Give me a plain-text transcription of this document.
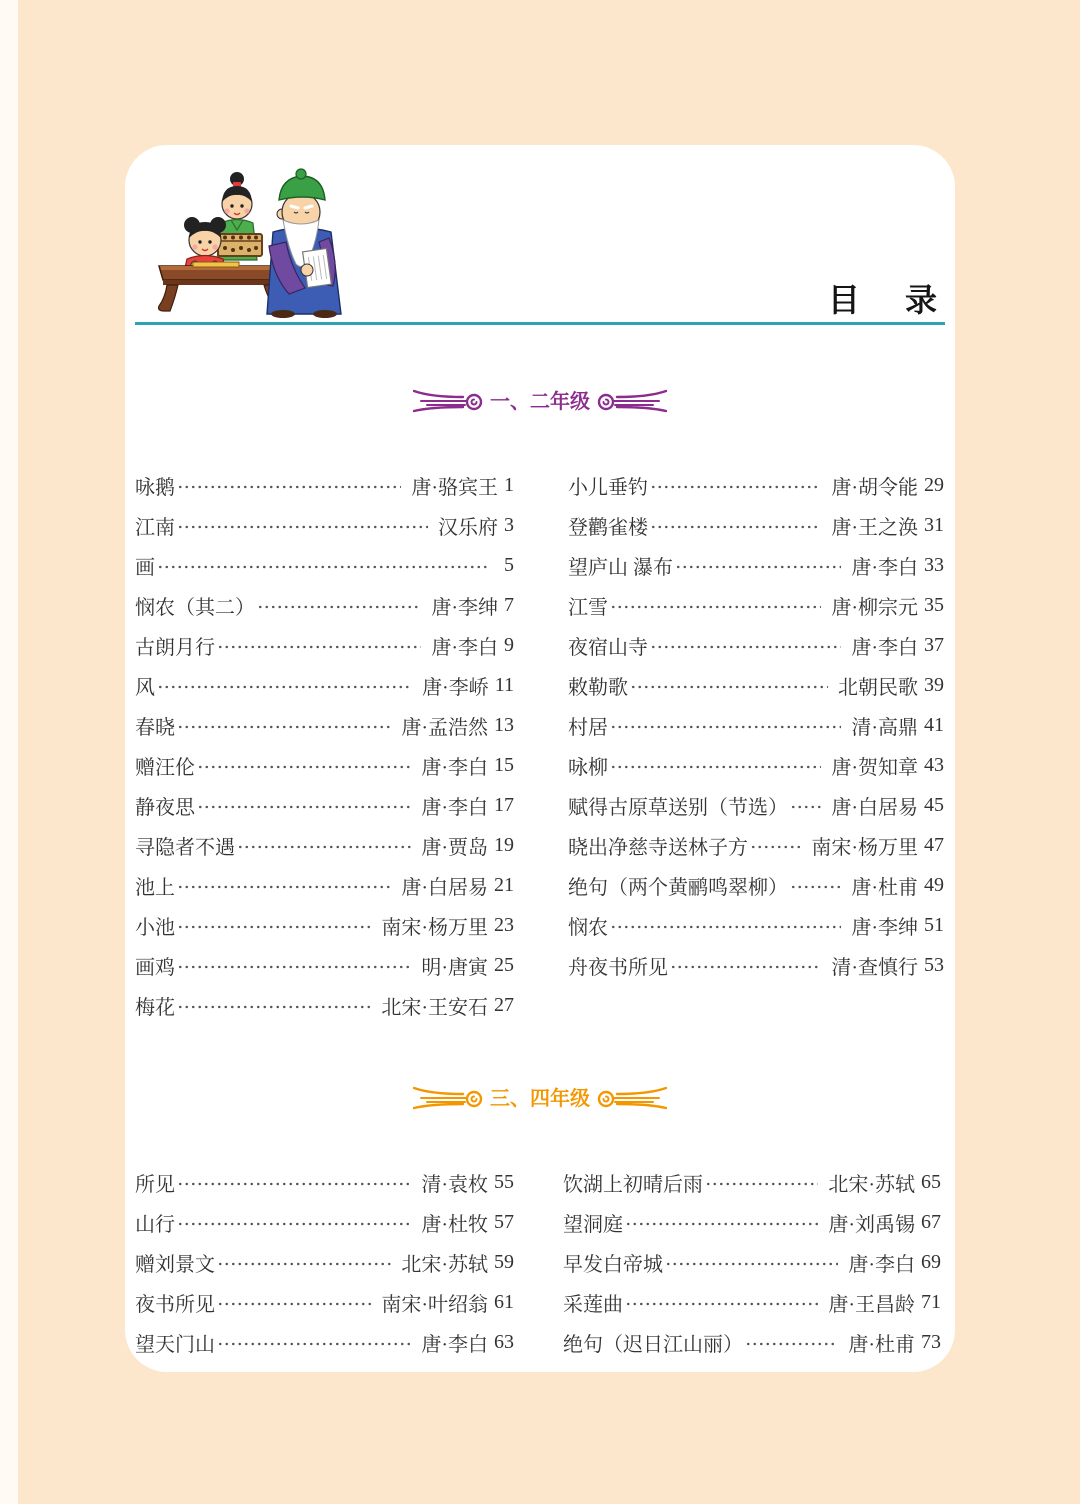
目 录
一、二年级
咏鹅	唐·骆宾王 1
江南	汉乐府 3
画	5
悯农（其二）	唐·李绅 7
古朗月行	唐·李白 9
风	唐·李峤 11
春晓	唐·孟浩然 13
赠汪伦	唐·李白 15
静夜思	唐·李白 17
寻隐者不遇	唐·贾岛 19
池上	唐·白居易 21
小池	南宋·杨万里 23
画鸡	明·唐寅 25
梅花	北宋·王安石 27
小儿垂钓	唐·胡令能 29
登鹳雀楼	唐·王之涣 31
望庐山 瀑布	唐·李白 33
江雪	唐·柳宗元 35
夜宿山寺	唐·李白 37
敕勒歌	北朝民歌 39
村居	清·高鼎 41
咏柳	唐·贺知章 43
赋得古原草送别（节选） 唐·白居易 45
晓出净慈寺送林子方	南宋·杨万里 47
绝句（两个黄鹂鸣翠柳）	唐·杜甫 49
悯农	唐·李绅 51
舟夜书所见	清·查慎行 53
三、四年级
所见	清·袁枚 55
山行	唐·杜牧 57
赠刘景文	北宋·苏轼 59
夜书所见	南宋·叶绍翁 61
望天门山	唐·李白 63
饮湖上初晴后雨	北宋·苏轼 65
望洞庭	唐·刘禹锡 67
早发白帝城	唐·李白 69
采莲曲	唐·王昌龄 71
绝句（迟日江山丽）	唐·杜甫 73
